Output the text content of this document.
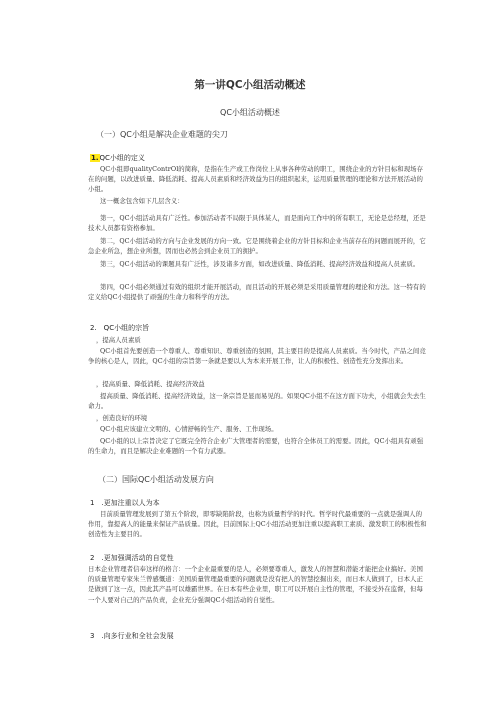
第一讲QC小组活动概述
QC小组活动概述
（一）QC小组是解决企业难题的尖刀
1.QC小组的定义

QC小组即qualityContrOl的简称，是指在生产或工作岗位上从事各种劳动的职工，围绕企业的方针目标和现场存在的问题，以改进质量、降低消耗、提高人员素质和经济效益为目的组织起来，运用质量管理的理论和方法开展活动的小组。

这一概念包含如下几层含义：

第一，QC小组活动具有广泛性。参加活动者不局限于具体某人，而是面向工作中的所有职工，无论是总经理，还是技术人员都有资格参加。

第二，QC小组活动的方向与企业发展的方向一致。它是围绕着企业的方针目标和企业当前存在的问题而展开的，它急企业所急，想企业所想，因而也必然会到企业员工的拥护。

第三，QC小组活动的课题具有广泛性，涉及诸多方面，如改进质量、降低消耗、提高经济效益和提高人员素质。

第四，QC小组必须通过有效的组织才能开展活动，而且活动的开展必须是采用质量管理的理论和方法。这一特有的定义给QC小组提供了顽强的生命力和科学的方法。

2.　QC小组的宗旨
，提高人员素质

QC小组首先要创造一个尊重人、尊重知识、尊重创造的氛围，其主要目的是提高人员素质。当今时代，产品之间竞争的核心是人，因此，QC小组的宗旨第一条就是要以人为本来开展工作，让人的积极性、创造性充分发挥出来。

，提高质量、降低消耗、提高经济效益

提高质量、降低消耗、提高经济效益，这一条宗旨是显而易见的。如果QC小组不在这方面下功夫，小组就会失去生命力。

，创造良好的环境

QC小组应该建立文明的、心情舒畅的生产、服务、工作现场。

QC小组的以上宗旨决定了它既完全符合企业广大管理者的需要，也符合全体员工的需要。因此，QC小组具有顽强的生命力，而且是解决企业难题的一个有力武器。

（二）国际QC小组活动发展方向
1　.更加注重以人为本

目前质量管理发展到了第五个阶段，即零缺陷阶段，也称为质量哲学的时代。哲学时代最重要的一点就是强调人的作用，靠提高人的能量来保证产品质量。因此，目前国际上QC小组活动更加注重以提高职工素质、激发职工的积极性和创造性为主要目的。

2　.更加强调活动的自觉性

日本企业管理者信奉这样的格言：一个企业最重要的是人，必须要尊重人，激发人的智慧和潜能才能把企业搞好。美国的质量管理专家朱兰曾感慨道：美国质量管理最重要的问题就是没有把人的智慧挖掘出来，而日本人做到了，日本人正是做到了这一点，因此其产品可以雄霸世界。在日本有些企业里，职工可以开展自主性的管理，不接受外在监督，但每一个人要对自己的产品负责，企业充分强调QC小组活动的自觉性。

3　.向多行业和全社会发展
